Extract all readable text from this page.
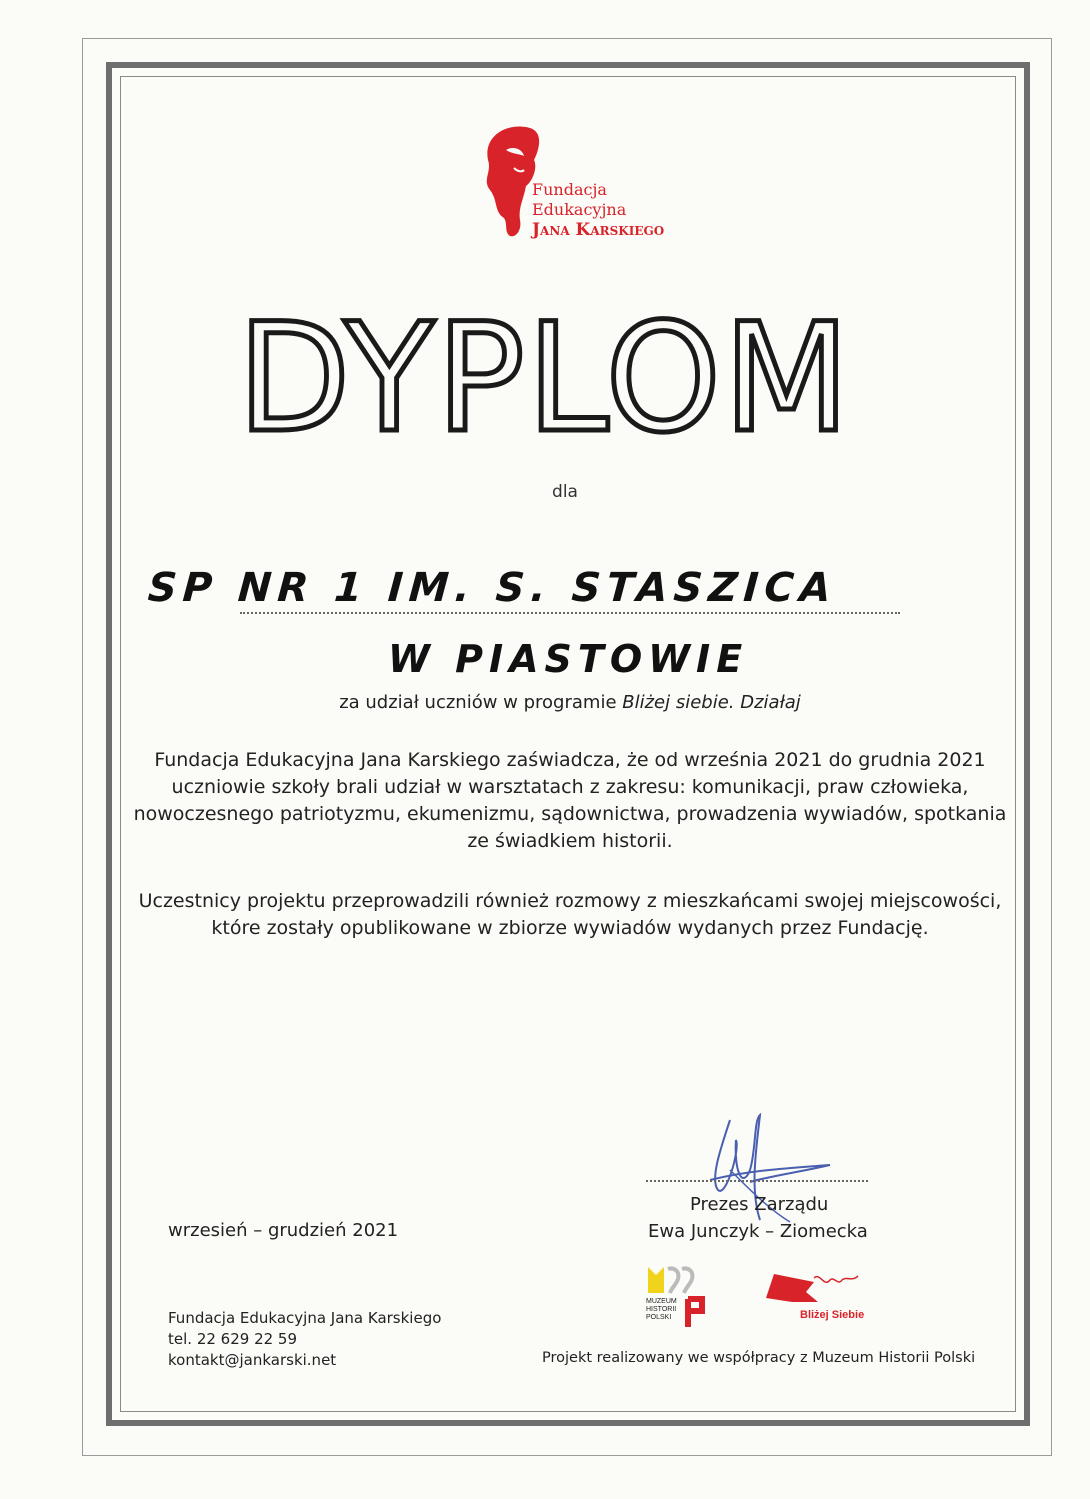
Fundacja
Edukacyjna
Jana Karskiego
DYPLOM
dla
SP NR 1 IM. S. STASZICA
W PIASTOWIE
za udział uczniów w programie Bliżej siebie. Działaj
Fundacja Edukacyjna Jana Karskiego zaświadcza, że od września 2021 do grudnia 2021 uczniowie szkoły brali udział w warsztatach z zakresu: komunikacji, praw człowieka, nowoczesnego patriotyzmu, ekumenizmu, sądownictwa, prowadzenia wywiadów, spotkania ze świadkiem historii.
Uczestnicy projektu przeprowadzili również rozmowy z mieszkańcami swojej miejscowości, które zostały opublikowane w zbiorze wywiadów wydanych przez Fundację.
Prezes Zarządu
Ewa Junczyk – Ziomecka
wrzesień – grudzień 2021
Fundacja Edukacyjna Jana Karskiego
tel. 22 629 22 59
kontakt@jankarski.net
MUZEUM
HISTORII
POLSKI	Bliżej Siebie
Projekt realizowany we współpracy z Muzeum Historii Polski
